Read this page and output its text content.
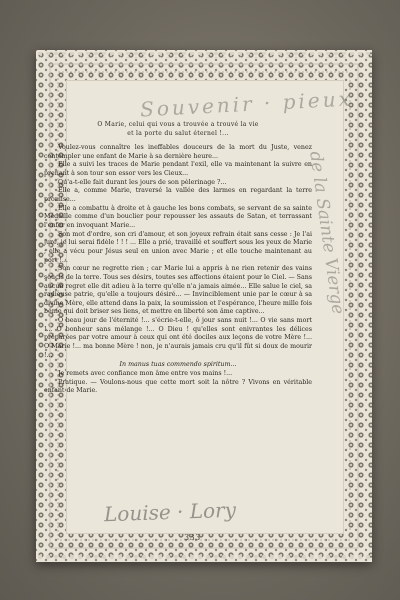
Souvenir · pieux
de la Sainte Vierge
Louise · Lory
O Marie, celui qui vous a trouvée a trouvé la vie
et la porte du salut éternel !...

Voulez-vous connaître les ineffables douceurs de la mort du Juste, venez contempler une enfant de Marie à sa dernière heure...

Elle a suivi les traces de Marie pendant l'exil, elle va maintenant la suivre en prenant à son tour son essor vers les Cieux...

Qu'a-t-elle fait durant les jours de son pèlerinage ?...

Elle a, comme Marie, traversé la vallée des larmes en regardant la terre promise...

Elle a combattu à droite et à gauche les bons combats, se servant de sa sainte Médaille comme d'un bouclier pour repousser les assauts de Satan, et terrassant l'enfer en invoquant Marie...

Son mot d'ordre, son cri d'amour, et son joyeux refrain était sans cesse : Je l'ai juré, je lui serai fidèle ! ! ! ... Elle a prié, travaillé et souffert sous les yeux de Marie ; elle a vécu pour Jésus seul en union avec Marie ; et elle touche maintenant au port !...

Son cœur ne regrette rien ; car Marie lui a appris à ne rien retenir des vains soucis de la terre. Tous ses désirs, toutes ses affections étaient pour le Ciel. — Sans aucun regret elle dit adieu à la terre qu'elle n'a jamais aimée... Elle salue le ciel, sa radieuse patrie, qu'elle a toujours désiré... — Invinciblement unie par le cœur à sa divine Mère, elle attend dans la paix, la soumission et l'espérance, l'heure mille fois bénie qui doit briser ses liens, et mettre en liberté son âme captive...

O beau jour de l'éternité !... s'écrie-t-elle, ô jour sans nuit !... O vie sans mort !... O bonheur sans mélange !... O Dieu ! qu'elles sont enivrantes les délices préparées par votre amour à ceux qui ont été dociles aux leçons de votre Mère !... O Marie !... ma bonne Mère ! non, je n'aurais jamais cru qu'il fût si doux de mourir !...

In manus tuas commendo spiritum...

Je remets avec confiance mon âme entre vos mains !...

Pratique. — Voulons-nous que cette mort soit la nôtre ? Vivons en véritable enfant de Marie.

333
